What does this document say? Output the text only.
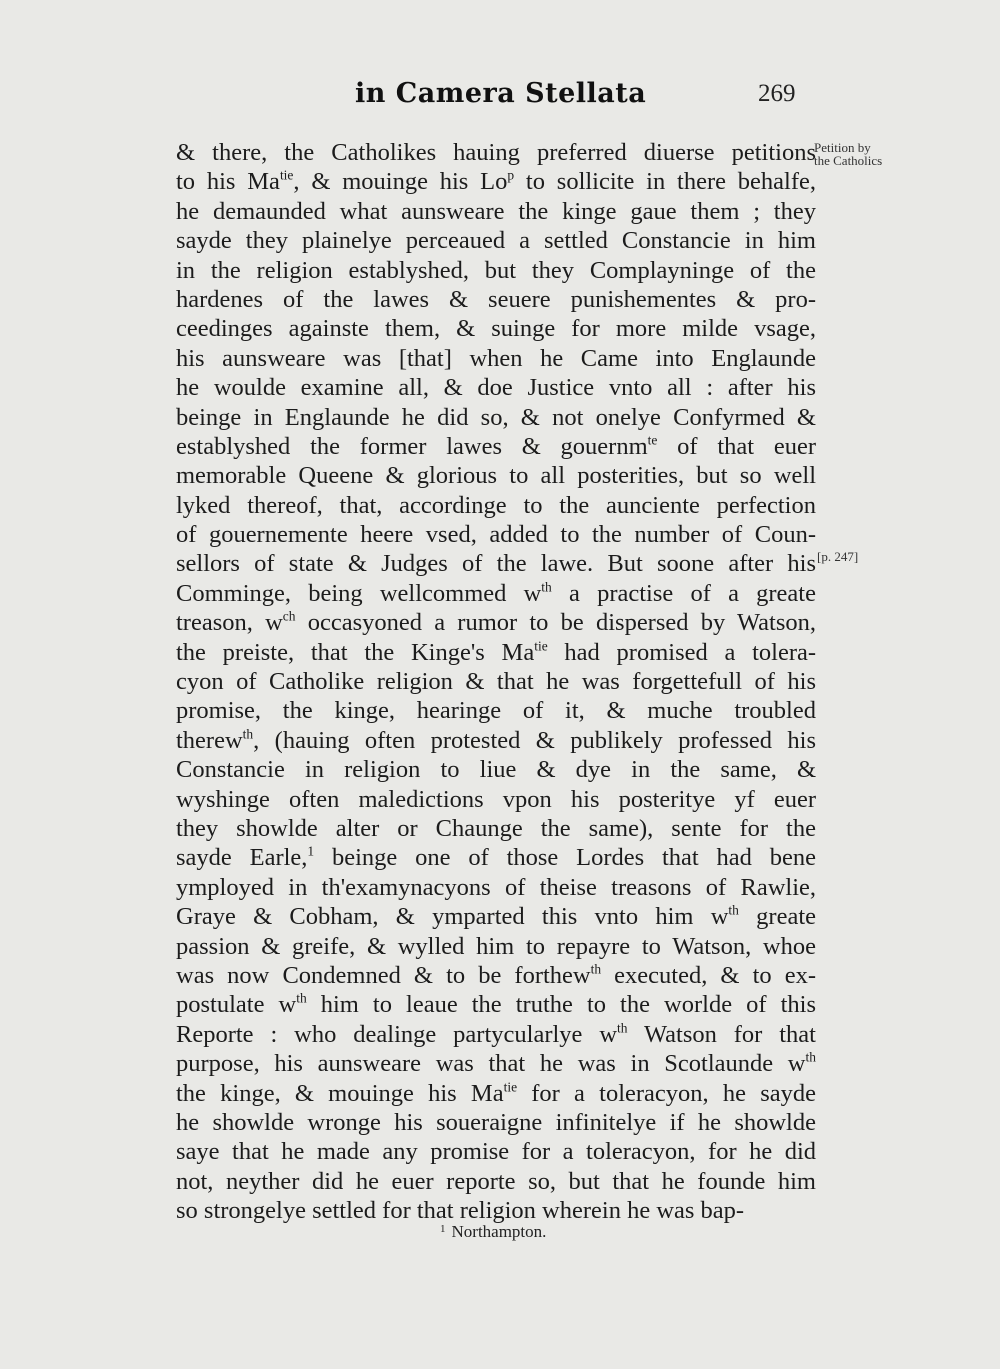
in Camera Stellata	269
Petition by
the Catholics
[p. 247]
& there, the Catholikes hauing preferred diuerse petitions
to his $Ma^{tie}$, & mouinge his Lo$^p$ to sollicite in there behalfe,
he demaunded what aunsweare the kinge gaue them ; they
sayde they plainelye perceaued a settled Constancie in him
in the religion establyshed, but they Complayninge of the
hardenes of the lawes & seuere punishementes & pro-
ceedinges againste them, & suinge for more milde vsage,
his aunsweare was [that] when he Came into Englaunde
he woulde examine all, & doe Justice vnto all : after his
beinge in Englaunde he did so, & not onelye Confyrmed &
establyshed the former lawes & gouernm$^{te}$ of that euer
memorable Queene & glorious to all posterities, but so well
lyked thereof, that, accordinge to the aunciente perfection
of gouernemente heere vsed, added to the number of Coun-
sellors of state & Judges of the lawe. But soone after his
Comminge, being wellcommed $w^{th}$ a practise of a greate
treason, $w^{ch}$ occasyoned a rumor to be dispersed by Watson,
the preiste, that the Kinge's $Ma^{tie}$ had promised a tolera-
cyon of Catholike religion & that he was forgettefull of his
promise, the kinge, hearinge of it, & muche troubled
therew$^{th}$, (hauing often protested & publikely professed his
Constancie in religion to liue & dye in the same, &
wyshinge often maledictions vpon his posteritye yf euer
they showlde alter or Chaunge the same), sente for the
sayde Earle,$^1$ beinge one of those Lordes that had bene
ymployed in th'examynacyons of theise treasons of Rawlie,
Graye & Cobham, & ymparted this vnto him $w^{th}$ greate
passion & greife, & wylled him to repayre to Watson, whoe
was now Condemned & to be forthew$^{th}$ executed, & to ex-
postulate $w^{th}$ him to leaue the truthe to the worlde of this
Reporte : who dealinge partycularlye $w^{th}$ Watson for that
purpose, his aunsweare was that he was in Scotlaunde $w^{th}$
the kinge, & mouinge his $Ma^{tie}$ for a toleracyon, he sayde
he showlde wronge his soueraigne infinitelye if he showlde
saye that he made any promise for a toleracyon, for he did
not, neyther did he euer reporte so, but that he founde him
so strongelye settled for that religion wherein he was bap-
$^1$ Northampton.
